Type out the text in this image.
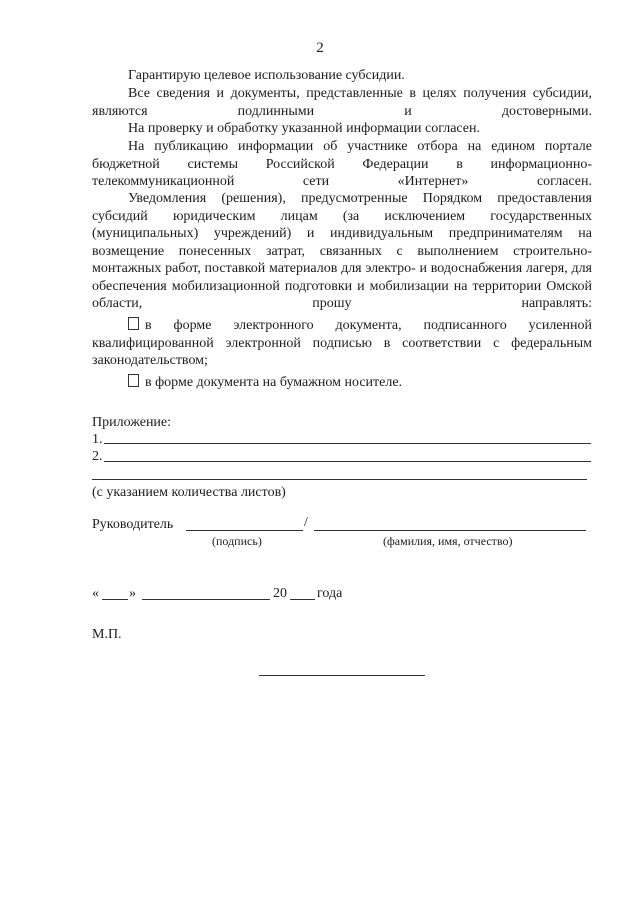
2
Гарантирую целевое использование субсидии.
Все сведения и документы, представленные в целях получения субсидии, являются подлинными и достоверными.
На проверку и обработку указанной информации согласен.
На публикацию информации об участнике отбора на едином портале бюджетной системы Российской Федерации в информационно-телекоммуникационной сети «Интернет» согласен.
Уведомления (решения), предусмотренные Порядком предоставления субсидий юридическим лицам (за исключением государственных (муниципальных) учреждений) и индивидуальным предпринимателям на возмещение понесенных затрат, связанных с выполнением строительно-монтажных работ, поставкой материалов для электро- и водоснабжения лагеря, для обеспечения мобилизационной подготовки и мобилизации на территории Омской области, прошу направлять:
в форме электронного документа, подписанного усиленной квалифицированной электронной подписью в соответствии с федеральным законодательством;
в форме документа на бумажном носителе.
Приложение:
1.
2.
(с указанием количества листов)
Руководитель	/
(подпись)	(фамилия, имя, отчество)
« »	20 года
М.П.
